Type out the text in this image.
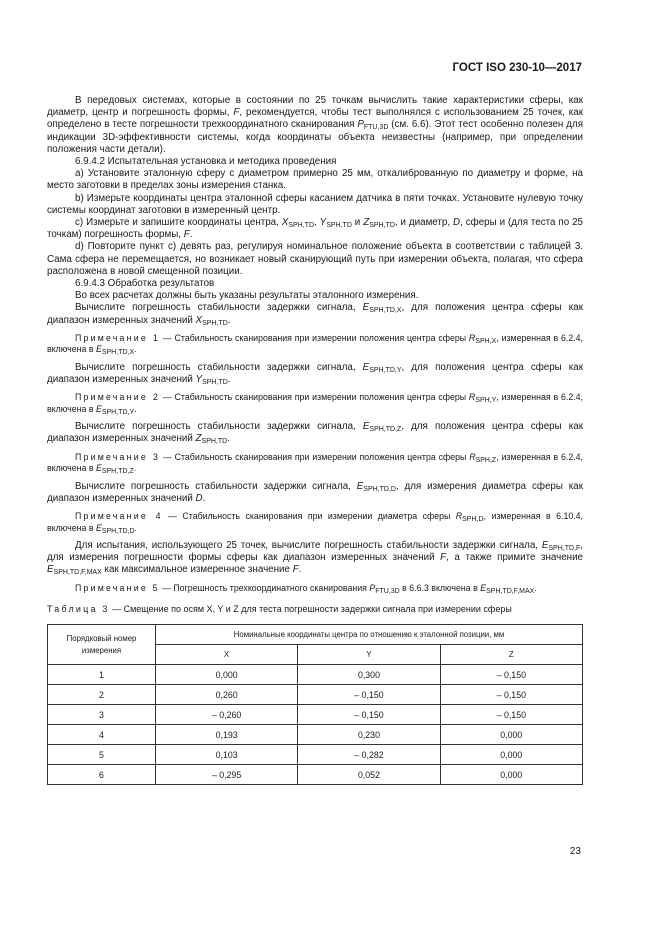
ГОСТ ISO 230-10—2017

В передовых системах, которые в состоянии по 25 точкам вычислить такие характеристики сферы, как диаметр, центр и погрешность формы, F, рекомендуется, чтобы тест выполнялся с использованием 25 точек, как определено в тесте погрешности трехкоординатного сканирования $P_{FTU,3D}$ (см. 6.6). Этот тест особенно полезен для индикации 3D-эффективности системы, когда координаты объекта неизвестны (например, при определении положения части детали).

6.9.4.2 Испытательная установка и методика проведения

а) Установите эталонную сферу с диаметром примерно 25 мм, откалиброванную по диаметру и форме, на место заготовки в пределах зоны измерения станка.

b) Измерьте координаты центра эталонной сферы касанием датчика в пяти точках. Установите нулевую точку системы координат заготовки в измеренный центр.

с) Измерьте и запишите координаты центра, $X_{SPH,TD}$, $Y_{SPH,TD}$ и $Z_{SPH,TD}$, и диаметр, D, сферы и (для теста по 25 точкам) погрешность формы, F.

d) Повторите пункт с) девять раз, регулируя номинальное положение объекта в соответствии с таблицей 3. Сама сфера не перемещается, но возникает новый сканирующий путь при измерении объекта, полагая, что сфера расположена в новой смещенной позиции.

6.9.4.3 Обработка результатов

Во всех расчетах должны быть указаны результаты эталонного измерения.

Вычислите погрешность стабильности задержки сигнала, $E_{SPH,TD,X}$, для положения центра сферы как диапазон измеренных значений $X_{SPH,TD}$.

Примечание 1 — Стабильность сканирования при измерении положения центра сферы $R_{SPH,X}$, измеренная в 6.2.4, включена в $E_{SPH,TD,X}$.

Вычислите погрешность стабильности задержки сигнала, $E_{SPH,TD,Y}$, для положения центра сферы как диапазон измеренных значений $Y_{SPH,TD}$.

Примечание 2 — Стабильность сканирования при измерении положения центра сферы $R_{SPH,Y}$, измеренная в 6.2.4, включена в $E_{SPH,TD,Y}$.

Вычислите погрешность стабильности задержки сигнала, $E_{SPH,TD,Z}$, для положения центра сферы как диапазон измеренных значений $Z_{SPH,TD}$.

Примечание 3 — Стабильность сканирования при измерении положения центра сферы $R_{SPH,Z}$, измеренная в 6.2.4, включена в $E_{SPH,TD,Z}$.

Вычислите погрешность стабильности задержки сигнала, $E_{SPH,TD,D}$, для измерения диаметра сферы как диапазон измеренных значений D.

Примечание 4 — Стабильность сканирования при измерении диаметра сферы $R_{SPH,D}$, измеренная в 6.10.4, включена в $E_{SPH,TD,D}$.

Для испытания, использующего 25 точек, вычислите погрешность стабильности задержки сигнала, $E_{SPH,TD,F}$, для измерения погрешности формы сферы как диапазон измеренных значений F, а также примите значение $E_{SPH,TD,F,MAX}$ как максимальное измеренное значение F.

Примечание 5 — Погрешность трехкоординатного сканирования $P_{FTU,3D}$ в 6.6.3 включена в $E_{SPH,TD,F,MAX}$.

Таблица 3 — Смещение по осям X, Y и Z для теста погрешности задержки сигнала при измерении сферы

Порядковый номер измерения	Номинальные координаты центра по отношению к эталонной позиции, мм		
	X	Y	Z
1	0,000	0,300	– 0,150
2	0,260	– 0,150	– 0,150
3	– 0,260	– 0,150	– 0,150
4	0,193	0,230	0,000
5	0,103	– 0,282	0,000
6	– 0,295	0,052	0,000
23
